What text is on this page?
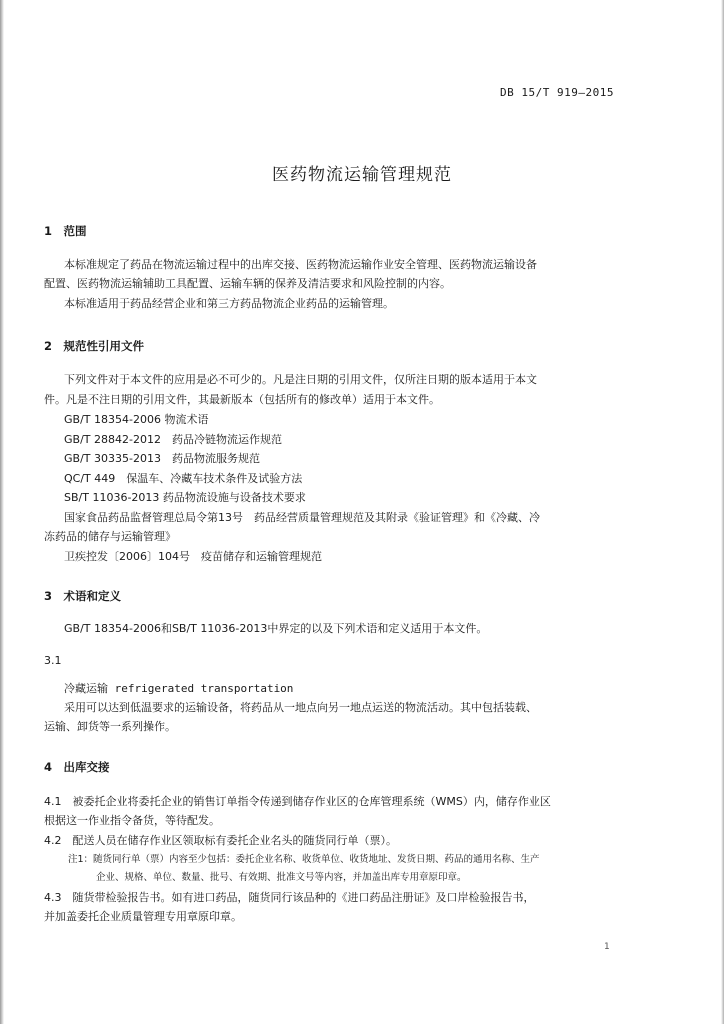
DB 15/T 919—2015
医药物流运输管理规范
1　范围
本标准规定了药品在物流运输过程中的出库交接、医药物流运输作业安全管理、医药物流运输设备
配置、医药物流运输辅助工具配置、运输车辆的保养及清洁要求和风险控制的内容。
本标准适用于药品经营企业和第三方药品物流企业药品的运输管理。
2　规范性引用文件
下列文件对于本文件的应用是必不可少的。凡是注日期的引用文件，仅所注日期的版本适用于本文
件。凡是不注日期的引用文件，其最新版本（包括所有的修改单）适用于本文件。
GB/T 18354-2006 物流术语
GB/T 28842-2012　药品冷链物流运作规范
GB/T 30335-2013　药品物流服务规范
QC/T 449　保温车、冷藏车技术条件及试验方法
SB/T 11036-2013 药品物流设施与设备技术要求
国家食品药品监督管理总局令第13号　药品经营质量管理规范及其附录《验证管理》和《冷藏、冷
冻药品的储存与运输管理》
卫疾控发〔2006〕104号　疫苗储存和运输管理规范
3　术语和定义
GB/T 18354-2006和SB/T 11036-2013中界定的以及下列术语和定义适用于本文件。
3.1
冷藏运输 refrigerated transportation
采用可以达到低温要求的运输设备，将药品从一地点向另一地点运送的物流活动。其中包括装载、
运输、卸货等一系列操作。
4　出库交接
4.1　被委托企业将委托企业的销售订单指令传递到储存作业区的仓库管理系统（WMS）内，储存作业区
根据这一作业指令备货，等待配发。
4.2　配送人员在储存作业区领取标有委托企业名头的随货同行单（票）。
注1：随货同行单（票）内容至少包括：委托企业名称、收货单位、收货地址、发货日期、药品的通用名称、生产
企业、规格、单位、数量、批号、有效期、批准文号等内容，并加盖出库专用章原印章。
4.3　随货带检验报告书。如有进口药品，随货同行该品种的《进口药品注册证》及口岸检验报告书，
并加盖委托企业质量管理专用章原印章。
1
